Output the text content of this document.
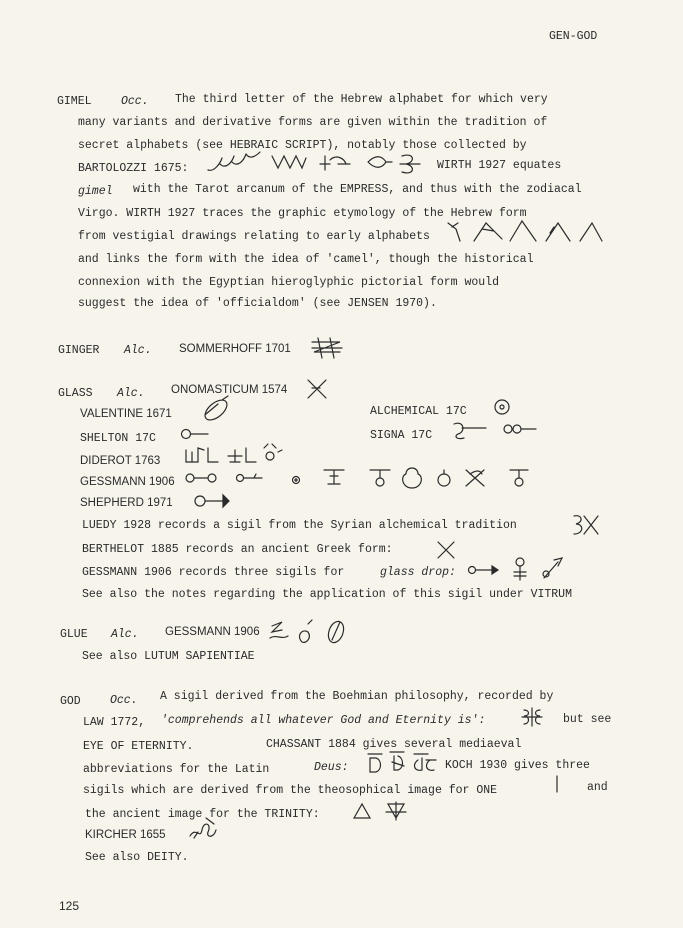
GEN-GOD
GIMEL	Occ. The third letter of the Hebrew alphabet for which very
many variants and derivative forms are given within the tradition of
secret alphabets (see HEBRAIC SCRIPT), notably those collected by
BARTOLOZZI 1675:	WIRTH 1927 equates
gimel with the Tarot arcanum of the EMPRESS, and thus with the zodiacal
Virgo. WIRTH 1927 traces the graphic etymology of the Hebrew form
from vestigial drawings relating to early alphabets
and links the form with the idea of 'camel', though the historical
connexion with the Egyptian hieroglyphic pictorial form would
suggest the idea of 'officialdom' (see JENSEN 1970).
GINGER Alc. SOMMERHOFF 1701
GLASS Alc. ONOMASTICUM 1574
VALENTINE 1671	ALCHEMICAL 17C
SHELTON 17C	SIGNA 17C
DIDEROT 1763
GESSMANN 1906
SHEPHERD 1971
LUEDY 1928 records a sigil from the Syrian alchemical tradition
BERTHELOT 1885 records an ancient Greek form:
GESSMANN 1906 records three sigils for	glass drop:
See also the notes regarding the application of this sigil under VITRUM
GLUE Alc. GESSMANN 1906
See also LUTUM SAPIENTIAE
GOD	Occ. A sigil derived from the Boehmian philosophy, recorded by
LAW 1772, 'comprehends all whatever God and Eternity is':	but see
EYE OF ETERNITY.	CHASSANT 1884 gives several mediaeval
abbreviations for the Latin	Deus:	KOCH 1930 gives three
sigils which are derived from the theosophical image for ONE	and
the ancient image for the TRINITY:
KIRCHER 1655
See also DEITY.
125
